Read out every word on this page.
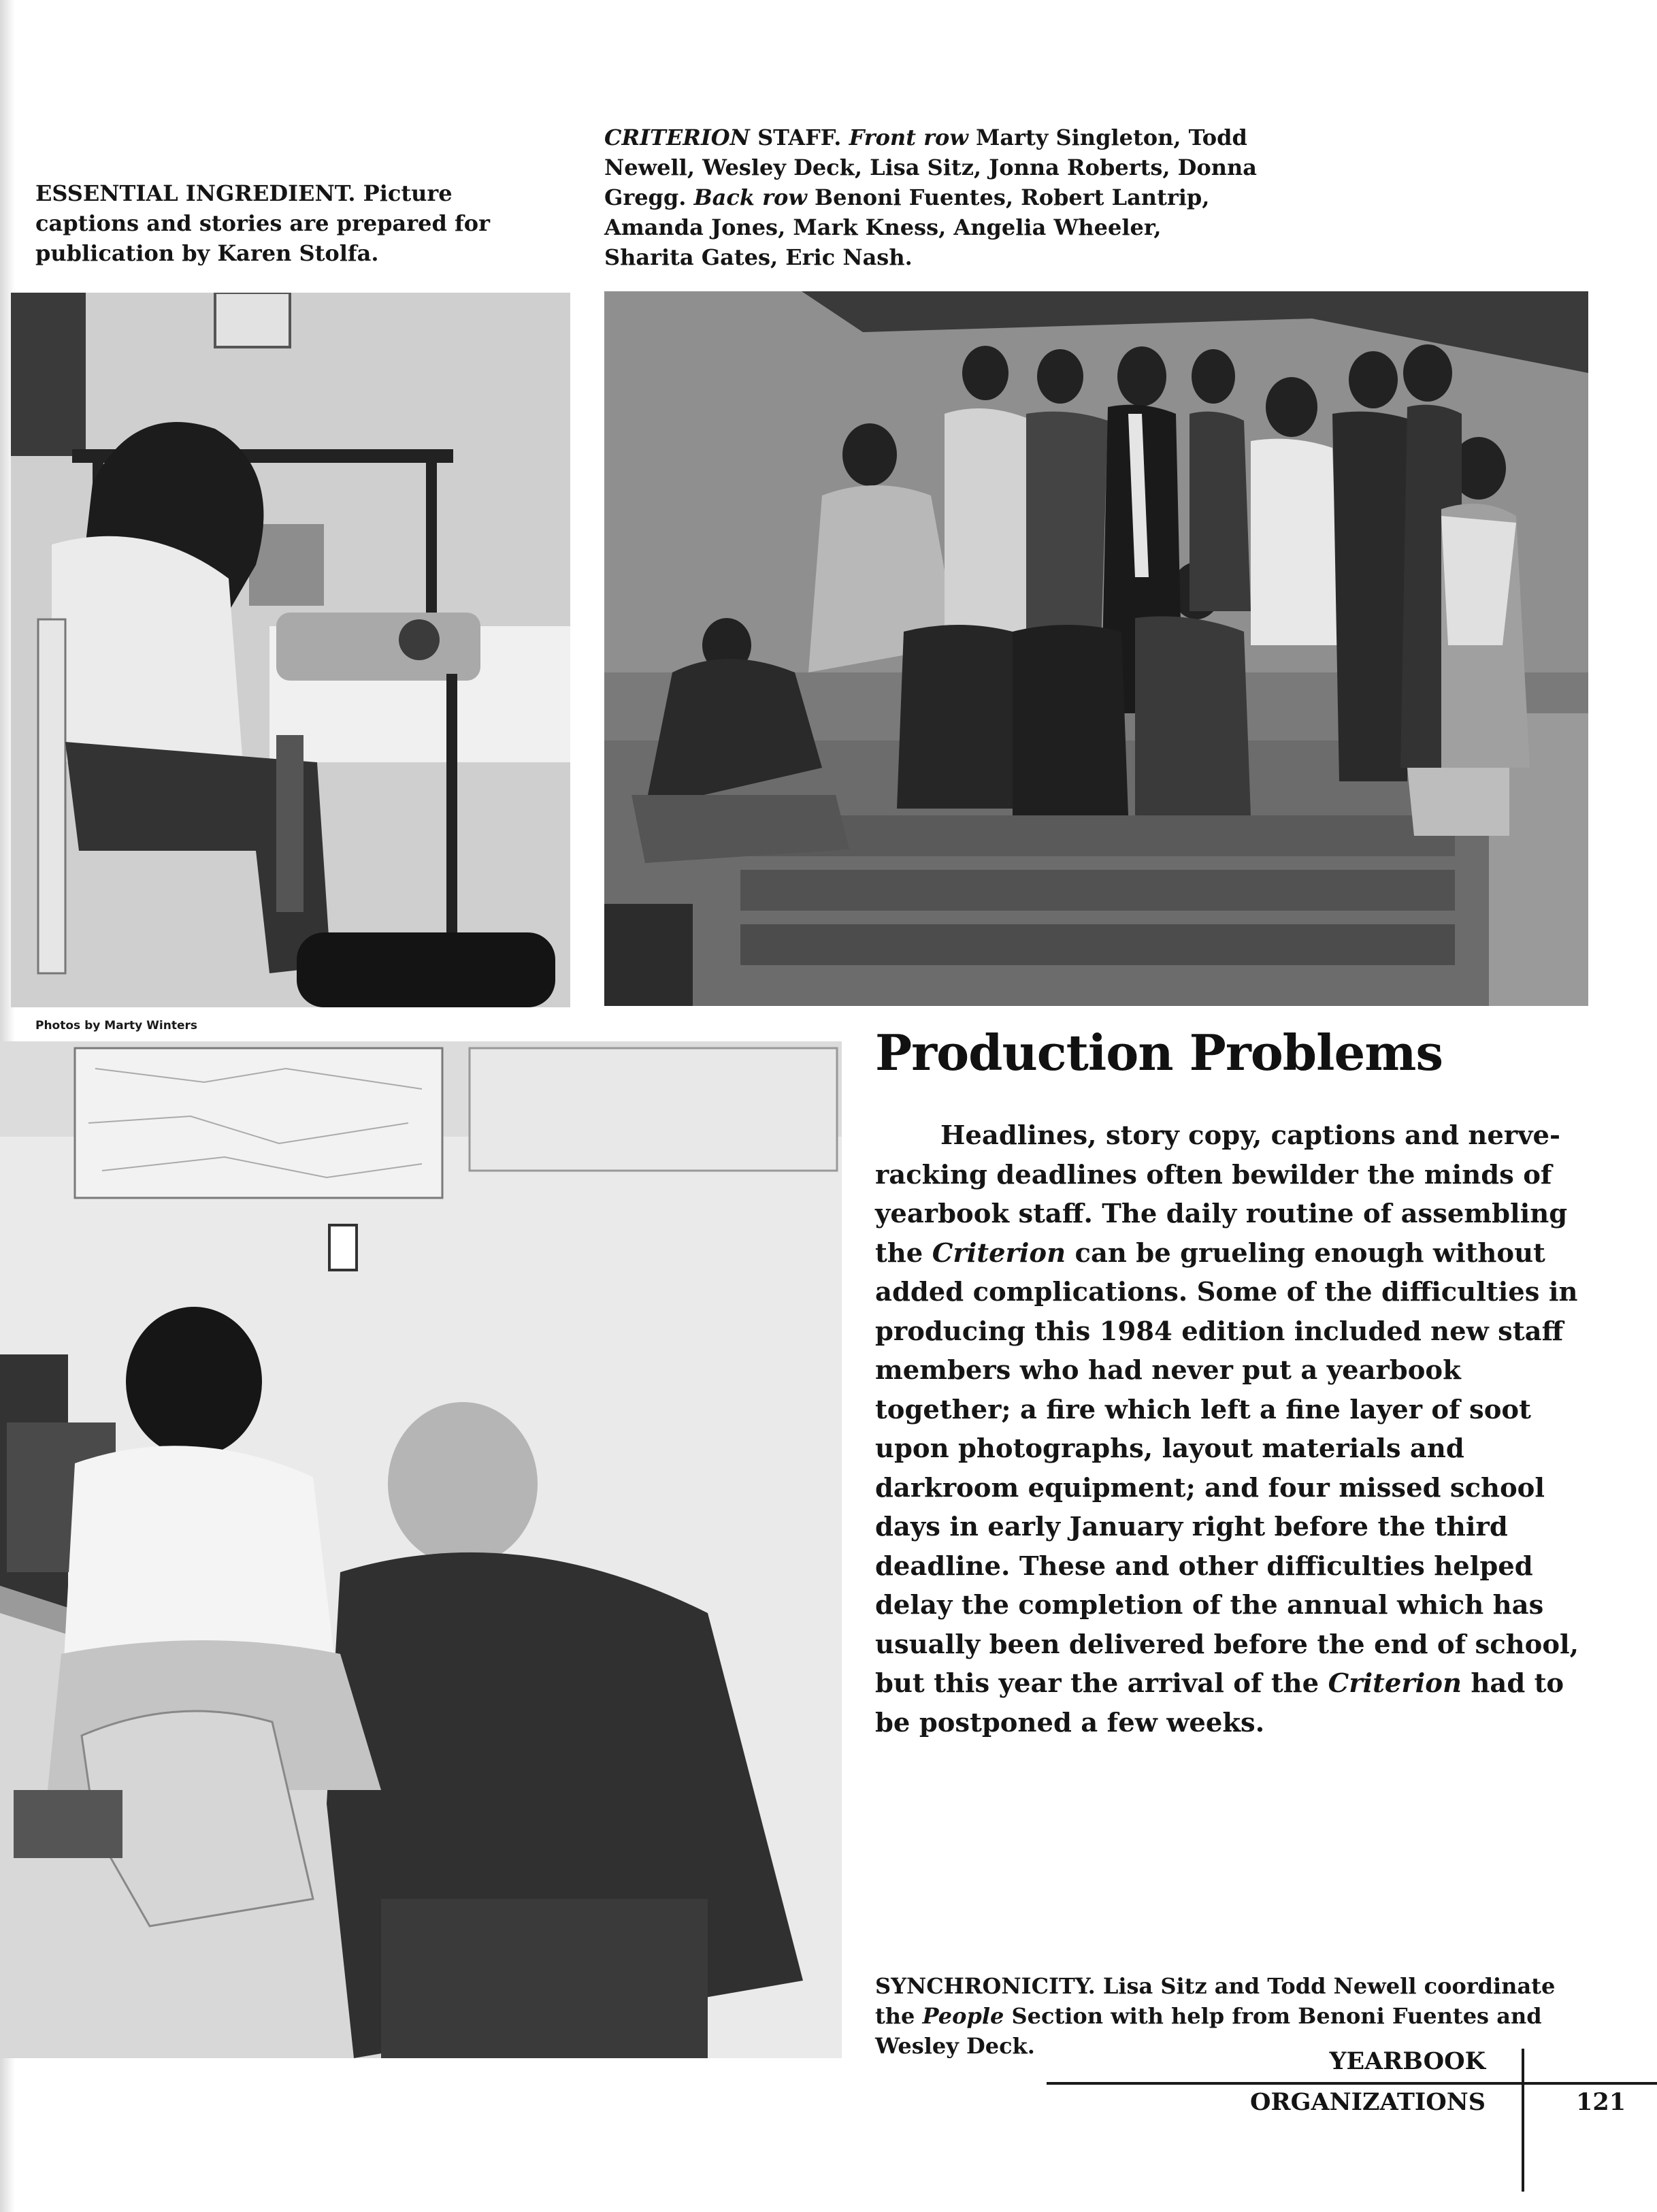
ESSENTIAL INGREDIENT. Picture captions and stories are prepared for publication by Karen Stolfa.

CRITERION STAFF. Front row Marty Singleton, Todd Newell, Wesley Deck, Lisa Sitz, Jonna Roberts, Donna Gregg. Back row Benoni Fuentes, Robert Lantrip, Amanda Jones, Mark Kness, Angelia Wheeler, Sharita Gates, Eric Nash.

Photos by Marty Winters	Production Problems

Headlines, story copy, captions and nerve-racking deadlines often bewilder the minds of yearbook staff. The daily routine of assembling the Criterion can be grueling enough without added complications. Some of the difficulties in producing this 1984 edition included new staff members who had never put a yearbook together; a fire which left a fine layer of soot upon photographs, layout materials and darkroom equipment; and four missed school days in early January right before the third deadline. These and other difficulties helped delay the completion of the annual which has usually been delivered before the end of school, but this year the arrival of the Criterion had to be postponed a few weeks.

SYNCHRONICITY. Lisa Sitz and Todd Newell coordinate the People Section with help from Benoni Fuentes and Wesley Deck.

YEARBOOK
ORGANIZATIONS	121
